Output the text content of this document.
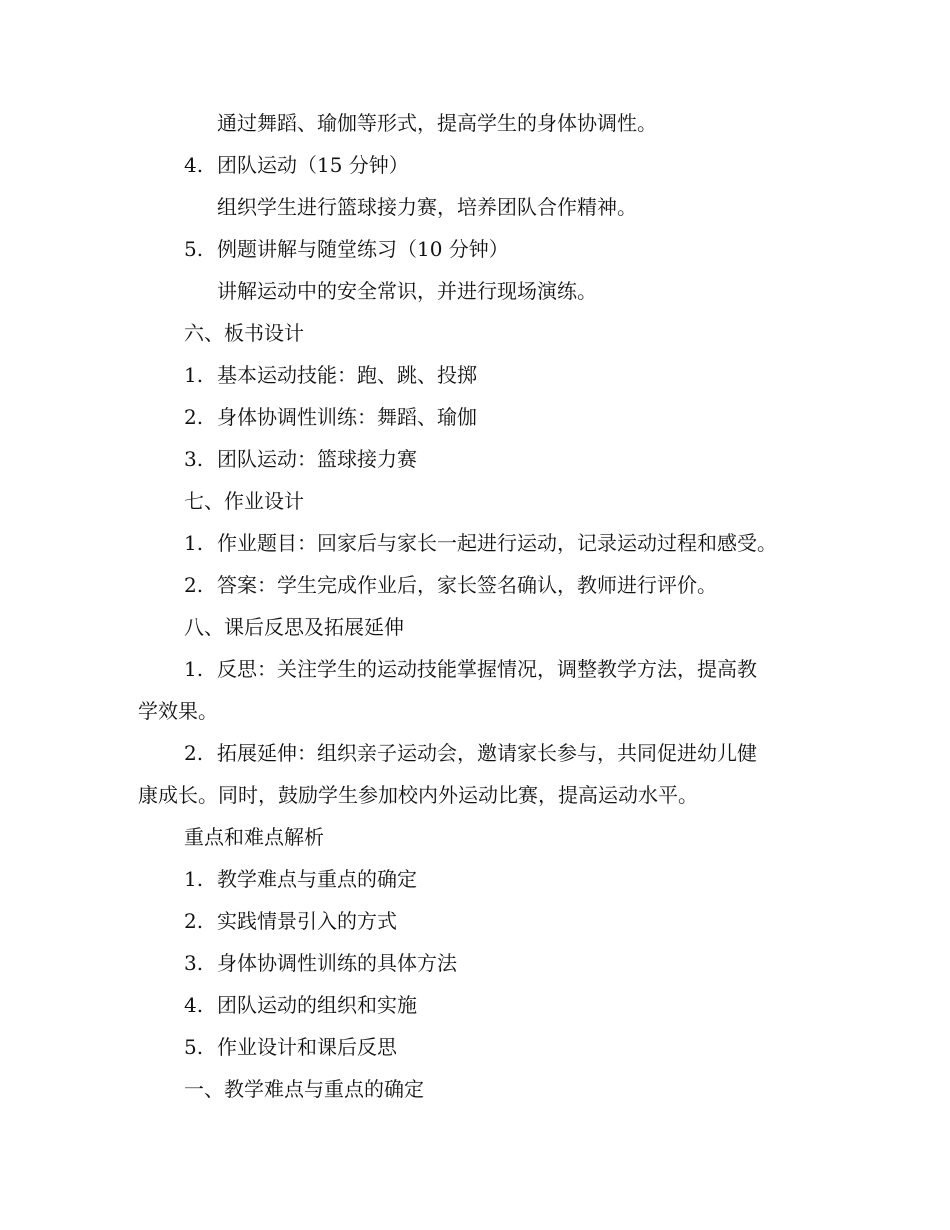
通过舞蹈、瑜伽等形式，提高学生的身体协调性。
4. 团队运动（15 分钟）
组织学生进行篮球接力赛，培养团队合作精神。
5. 例题讲解与随堂练习（10 分钟）
讲解运动中的安全常识，并进行现场演练。
六、板书设计
1. 基本运动技能：跑、跳、投掷
2. 身体协调性训练：舞蹈、瑜伽
3. 团队运动：篮球接力赛
七、作业设计
1. 作业题目：回家后与家长一起进行运动，记录运动过程和感受。
2. 答案：学生完成作业后，家长签名确认，教师进行评价。
八、课后反思及拓展延伸
1. 反思：关注学生的运动技能掌握情况，调整教学方法，提高教
学效果。
2. 拓展延伸：组织亲子运动会，邀请家长参与，共同促进幼儿健
康成长。同时，鼓励学生参加校内外运动比赛，提高运动水平。
重点和难点解析
1. 教学难点与重点的确定
2. 实践情景引入的方式
3. 身体协调性训练的具体方法
4. 团队运动的组织和实施
5. 作业设计和课后反思
一、教学难点与重点的确定
